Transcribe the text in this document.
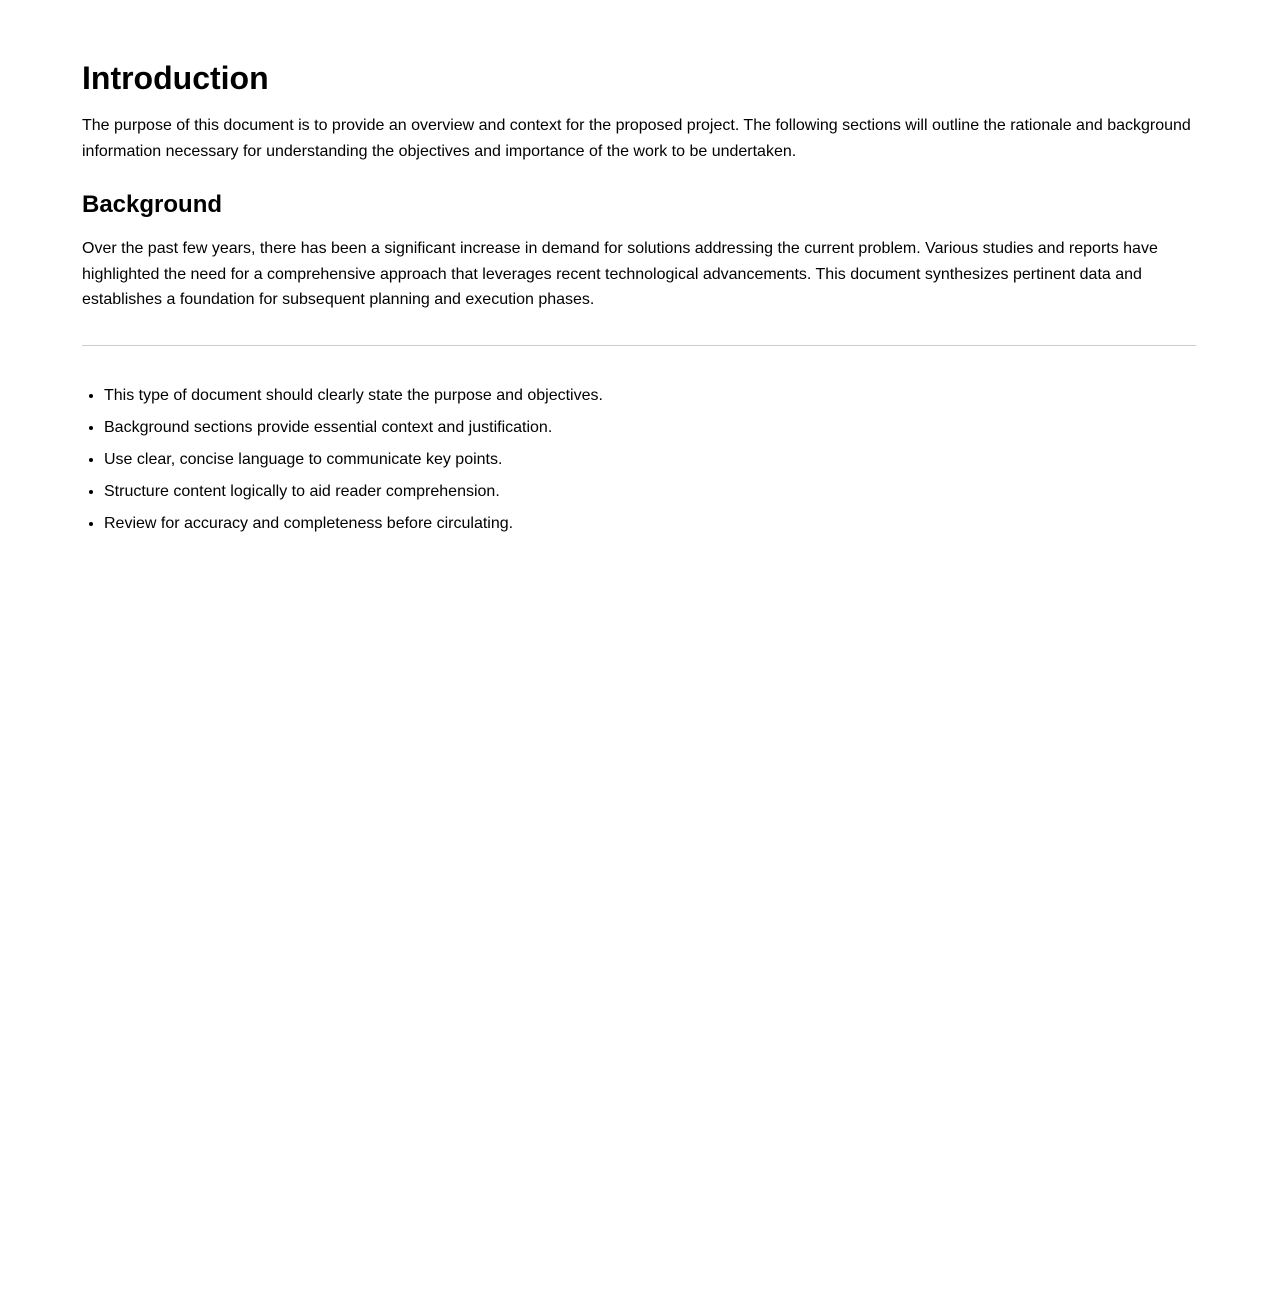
Introduction

The purpose of this document is to provide an overview and context for the proposed project. The following sections will outline the rationale and background information necessary for understanding the objectives and importance of the work to be undertaken.

Background

Over the past few years, there has been a significant increase in demand for solutions addressing the current problem. Various studies and reports have highlighted the need for a comprehensive approach that leverages recent technological advancements. This document synthesizes pertinent data and establishes a foundation for subsequent planning and execution phases.

• This type of document should clearly state the purpose and objectives.
• Background sections provide essential context and justification.
• Use clear, concise language to communicate key points.
• Structure content logically to aid reader comprehension.
• Review for accuracy and completeness before circulating.
